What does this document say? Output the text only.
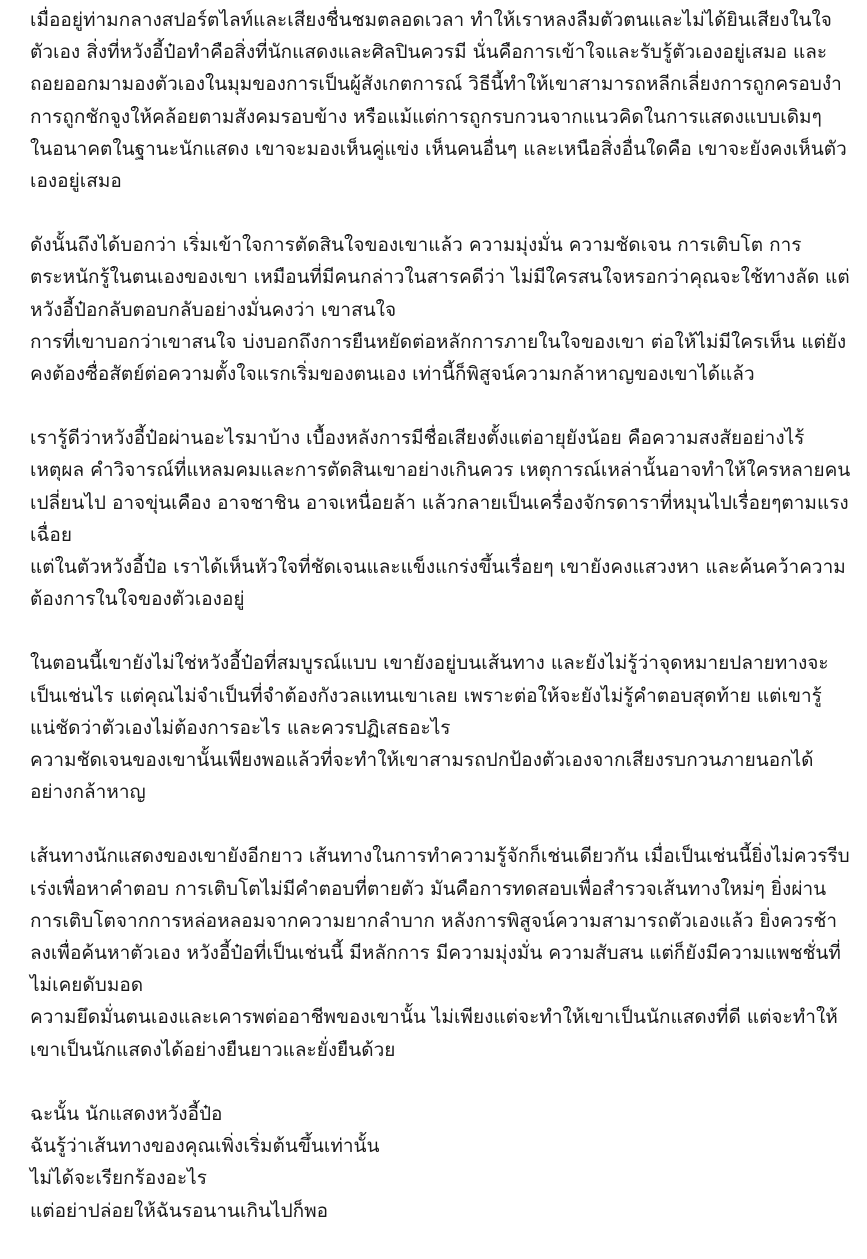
เมื่ออยู่ท่ามกลางสปอร์ตไลท์และเสียงชื่นชมตลอดเวลา ทำให้เราหลงลืมตัวตนและไม่ได้ยินเสียงในใจ
ตัวเอง สิ่งที่หวังอี้ป๋อทำคือสิ่งที่นักแสดงและศิลปินควรมี นั่นคือการเข้าใจและรับรู้ตัวเองอยู่เสมอ และ
ถอยออกมามองตัวเองในมุมของการเป็นผู้สังเกตการณ์ วิธีนี้ทำให้เขาสามารถหลีกเลี่ยงการถูกครอบงำ
การถูกชักจูงให้คล้อยตามสังคมรอบข้าง หรือแม้แต่การถูกรบกวนจากแนวคิดในการแสดงแบบเดิมๆ
ในอนาคตในฐานะนักแสดง เขาจะมองเห็นคู่แข่ง เห็นคนอื่นๆ และเหนือสิ่งอื่นใดคือ เขาจะยังคงเห็นตัว
เองอยู่เสมอ
ดังนั้นถึงได้บอกว่า เริ่มเข้าใจการตัดสินใจของเขาแล้ว ความมุ่งมั่น ความชัดเจน การเติบโต การ
ตระหนักรู้ในตนเองของเขา เหมือนที่มีคนกล่าวในสารคดีว่า ไม่มีใครสนใจหรอกว่าคุณจะใช้ทางลัด แต่
หวังอี้ป๋อกลับตอบกลับอย่างมั่นคงว่า เขาสนใจ
การที่เขาบอกว่าเขาสนใจ บ่งบอกถึงการยืนหยัดต่อหลักการภายในใจของเขา ต่อให้ไม่มีใครเห็น แต่ยัง
คงต้องซื่อสัตย์ต่อความตั้งใจแรกเริ่มของตนเอง เท่านี้ก็พิสูจน์ความกล้าหาญของเขาได้แล้ว
เรารู้ดีว่าหวังอี้ป๋อผ่านอะไรมาบ้าง เบื้องหลังการมีชื่อเสียงตั้งแต่อายุยังน้อย คือความสงสัยอย่างไร้
เหตุผล คำวิจารณ์ที่แหลมคมและการตัดสินเขาอย่างเกินควร เหตุการณ์เหล่านั้นอาจทำให้ใครหลายคน
เปลี่ยนไป อาจขุ่นเคือง อาจชาชิน อาจเหนื่อยล้า แล้วกลายเป็นเครื่องจักรดาราที่หมุนไปเรื่อยๆตามแรง
เฉื่อย
แต่ในตัวหวังอี้ป๋อ เราได้เห็นหัวใจที่ชัดเจนและแข็งแกร่งขึ้นเรื่อยๆ เขายังคงแสวงหา และค้นคว้าความ
ต้องการในใจของตัวเองอยู่
ในตอนนี้เขายังไม่ใช่หวังอี้ป๋อที่สมบูรณ์แบบ เขายังอยู่บนเส้นทาง และยังไม่รู้ว่าจุดหมายปลายทางจะ
เป็นเช่นไร แต่คุณไม่จำเป็นที่จำต้องกังวลแทนเขาเลย เพราะต่อให้จะยังไม่รู้คำตอบสุดท้าย แต่เขารู้
แน่ชัดว่าตัวเองไม่ต้องการอะไร และควรปฏิเสธอะไร
ความชัดเจนของเขานั้นเพียงพอแล้วที่จะทำให้เขาสามรถปกป้องตัวเองจากเสียงรบกวนภายนอกได้
อย่างกล้าหาญ
เส้นทางนักแสดงของเขายังอีกยาว เส้นทางในการทำความรู้จักก็เช่นเดียวกัน เมื่อเป็นเช่นนี้ยิ่งไม่ควรรีบ
เร่งเพื่อหาคำตอบ การเติบโตไม่มีคำตอบที่ตายตัว มันคือการทดสอบเพื่อสำรวจเส้นทางใหม่ๆ ยิ่งผ่าน
การเติบโตจากการหล่อหลอมจากความยากลำบาก หลังการพิสูจน์ความสามารถตัวเองแล้ว ยิ่งควรช้า
ลงเพื่อค้นหาตัวเอง หวังอี้ป๋อที่เป็นเช่นนี้ มีหลักการ มีความมุ่งมั่น ความสับสน แต่ก็ยังมีความแพชชั่นที่
ไม่เคยดับมอด
ความยึดมั่นตนเองและเคารพต่ออาชีพของเขานั้น ไม่เพียงแต่จะทำให้เขาเป็นนักแสดงที่ดี แต่จะทำให้
เขาเป็นนักแสดงได้อย่างยืนยาวและยั่งยืนด้วย
ฉะนั้น นักแสดงหวังอี้ป๋อ
ฉันรู้ว่าเส้นทางของคุณเพิ่งเริ่มต้นขึ้นเท่านั้น
ไม่ได้จะเรียกร้องอะไร
แต่อย่าปล่อยให้ฉันรอนานเกินไปก็พอ
